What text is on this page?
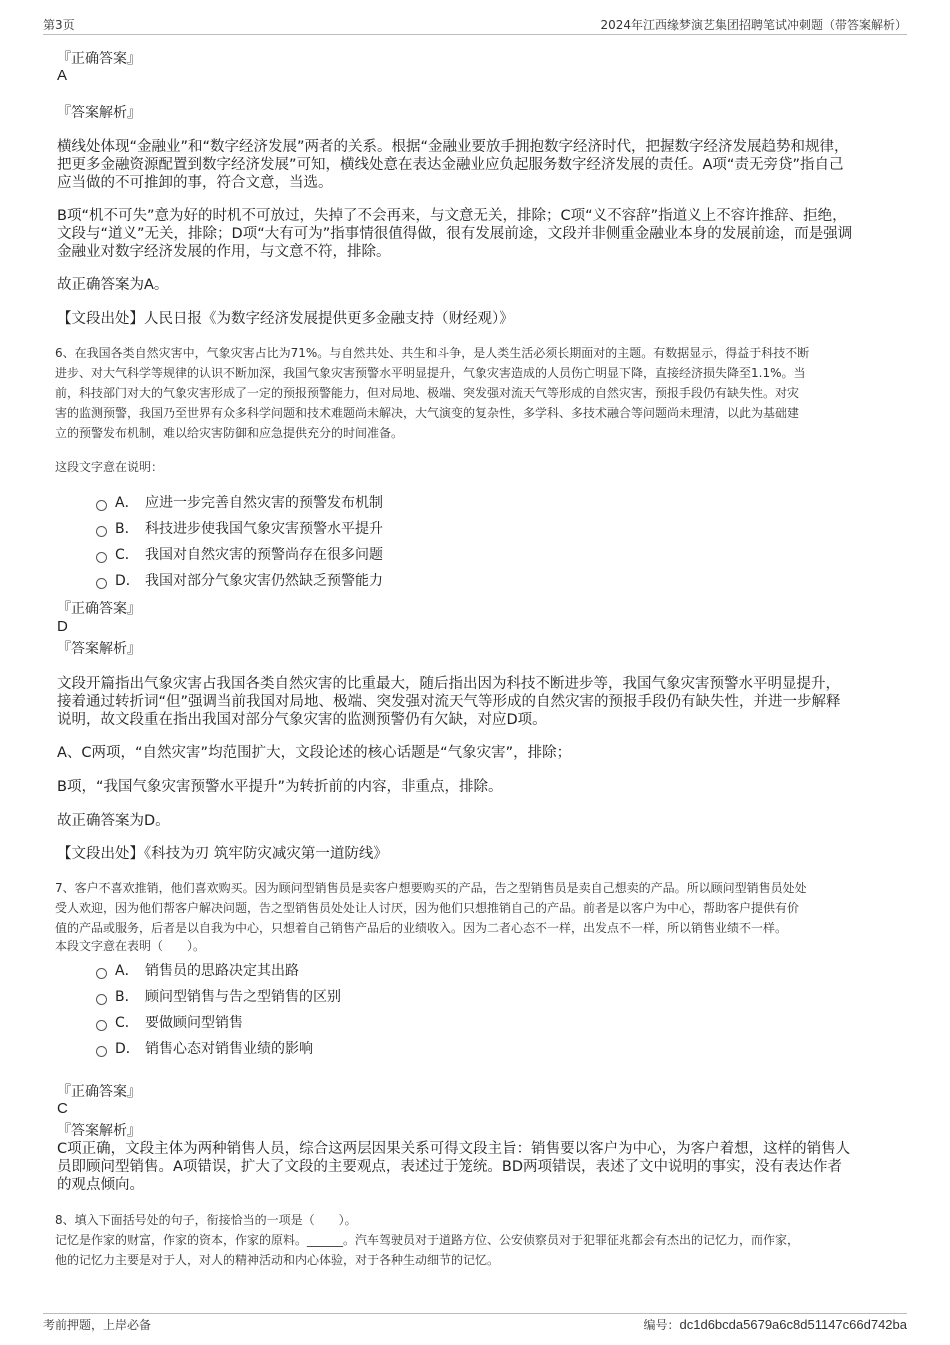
第3页	2024年江西缘梦演艺集团招聘笔试冲刺题（带答案解析）
『正确答案』
A
『答案解析』
横线处体现“金融业”和“数字经济发展”两者的关系。根据“金融业要放手拥抱数字经济时代，把握数字经济发展趋势和规律，
把更多金融资源配置到数字经济发展”可知，横线处意在表达金融业应负起服务数字经济发展的责任。A项“责无旁贷”指自己
应当做的不可推卸的事，符合文意，当选。
B项“机不可失”意为好的时机不可放过，失掉了不会再来，与文意无关，排除；C项“义不容辞”指道义上不容许推辞、拒绝，
文段与“道义”无关，排除；D项“大有可为”指事情很值得做，很有发展前途，文段并非侧重金融业本身的发展前途，而是强调
金融业对数字经济发展的作用，与文意不符，排除。
故正确答案为A。
【文段出处】人民日报《为数字经济发展提供更多金融支持（财经观）》
6、在我国各类自然灾害中，气象灾害占比为71%。与自然共处、共生和斗争，是人类生活必须长期面对的主题。有数据显示，得益于科技不断
进步、对大气科学等规律的认识不断加深，我国气象灾害预警水平明显提升，气象灾害造成的人员伤亡明显下降，直接经济损失降至1.1%。当
前，科技部门对大的气象灾害形成了一定的预报预警能力，但对局地、极端、突发强对流天气等形成的自然灾害，预报手段仍有缺失性。对灾
害的监测预警，我国乃至世界有众多科学问题和技术难题尚未解决，大气演变的复杂性，多学科、多技术融合等问题尚未理清，以此为基础建
立的预警发布机制，难以给灾害防御和应急提供充分的时间准备。
这段文字意在说明：
A． 应进一步完善自然灾害的预警发布机制
B． 科技进步使我国气象灾害预警水平提升
C． 我国对自然灾害的预警尚存在很多问题
D． 我国对部分气象灾害仍然缺乏预警能力
『正确答案』
D
『答案解析』
文段开篇指出气象灾害占我国各类自然灾害的比重最大，随后指出因为科技不断进步等，我国气象灾害预警水平明显提升，
接着通过转折词“但”强调当前我国对局地、极端、突发强对流天气等形成的自然灾害的预报手段仍有缺失性，并进一步解释
说明，故文段重在指出我国对部分气象灾害的监测预警仍有欠缺，对应D项。
A、C两项，“自然灾害”均范围扩大，文段论述的核心话题是“气象灾害”，排除；
B项，“我国气象灾害预警水平提升”为转折前的内容，非重点，排除。
故正确答案为D。
【文段出处】《科技为刃 筑牢防灾减灾第一道防线》
7、客户不喜欢推销，他们喜欢购买。因为顾问型销售员是卖客户想要购买的产品，告之型销售员是卖自己想卖的产品。所以顾问型销售员处处
受人欢迎，因为他们帮客户解决问题，告之型销售员处处让人讨厌，因为他们只想推销自己的产品。前者是以客户为中心，帮助客户提供有价
值的产品或服务，后者是以自我为中心，只想着自己销售产品后的业绩收入。因为二者心态不一样，出发点不一样，所以销售业绩不一样。
本段文字意在表明（　　）。
A． 销售员的思路决定其出路
B． 顾问型销售与告之型销售的区别
C． 要做顾问型销售
D． 销售心态对销售业绩的影响
『正确答案』
C
『答案解析』
C项正确，文段主体为两种销售人员，综合这两层因果关系可得文段主旨：销售要以客户为中心，为客户着想，这样的销售人
员即顾问型销售。A项错误，扩大了文段的主要观点，表述过于笼统。BD两项错误，表述了文中说明的事实，没有表达作者
的观点倾向。
8、填入下面括号处的句子，衔接恰当的一项是（　　）。
记忆是作家的财富，作家的资本，作家的原料。______。汽车驾驶员对于道路方位、公安侦察员对于犯罪征兆都会有杰出的记忆力，而作家，
他的记忆力主要是对于人，对人的精神活动和内心体验，对于各种生动细节的记忆。
考前押题，上岸必备	编号：dc1d6bcda5679a6c8d51147c66d742ba
